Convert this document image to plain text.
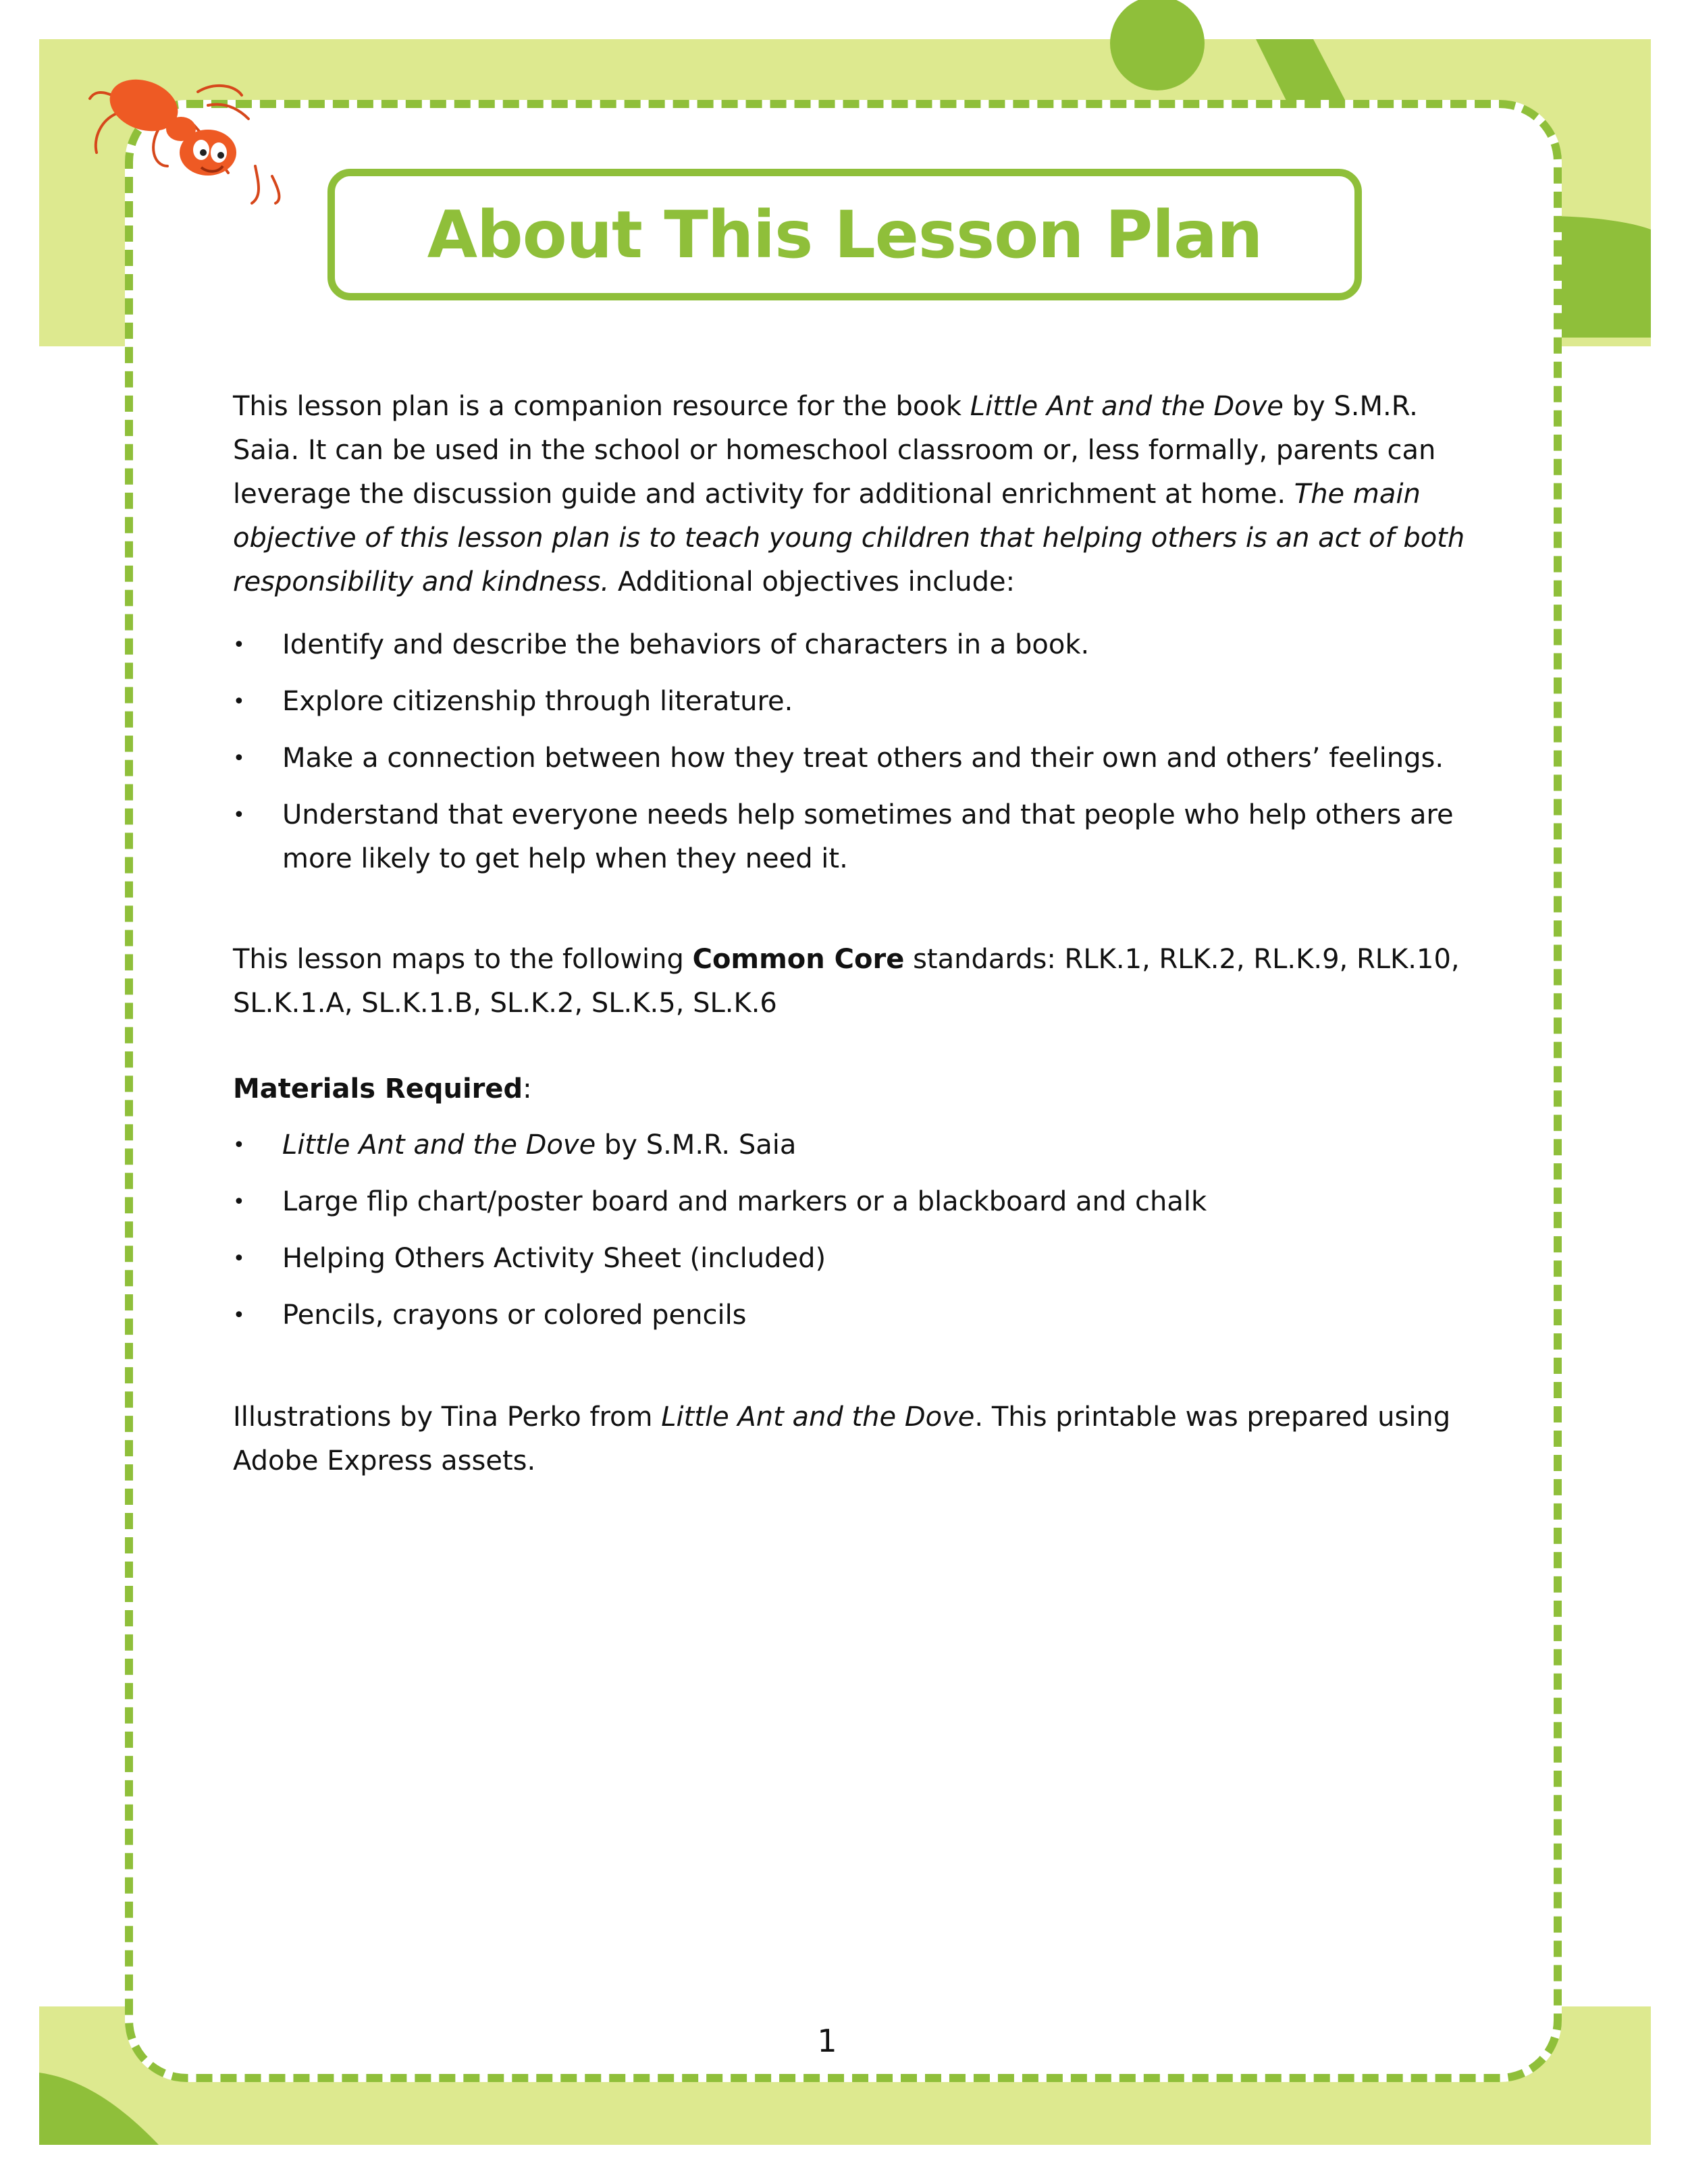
About This Lesson Plan

This lesson plan is a companion resource for the book Little Ant and the Dove by S.M.R. Saia. It can be used in the school or homeschool classroom or, less formally, parents can leverage the discussion guide and activity for additional enrichment at home. The main objective of this lesson plan is to teach young children that helping others is an act of both responsibility and kindness. Additional objectives include:

• Identify and describe the behaviors of characters in a book.
• Explore citizenship through literature.
• Make a connection between how they treat others and their own and others’ feelings.
• Understand that everyone needs help sometimes and that people who help others are more likely to get help when they need it.

This lesson maps to the following Common Core standards: RLK.1, RLK.2, RL.K.9, RLK.10, SL.K.1.A, SL.K.1.B, SL.K.2, SL.K.5, SL.K.6

Materials Required:

• Little Ant and the Dove by S.M.R. Saia
• Large flip chart/poster board and markers or a blackboard and chalk
• Helping Others Activity Sheet (included)
• Pencils, crayons or colored pencils

Illustrations by Tina Perko from Little Ant and the Dove. This printable was prepared using Adobe Express assets.

1
